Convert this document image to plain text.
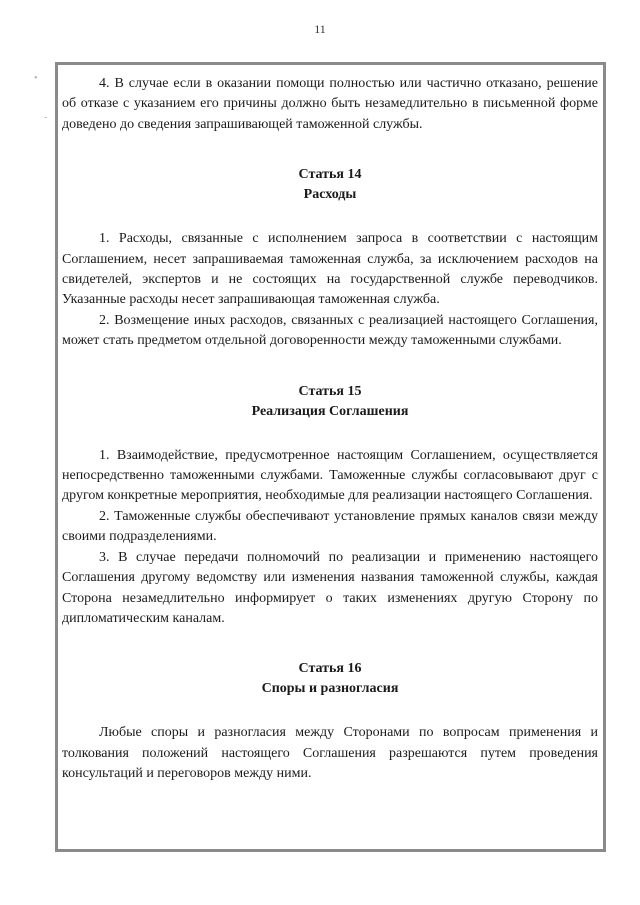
11
•
-

4. В случае если в оказании помощи полностью или частично отказано, решение об отказе с указанием его причины должно быть незамедлительно в письменной форме доведено до сведения запрашивающей таможенной службы.

Статья 14

Расходы

1. Расходы, связанные с исполнением запроса в соответствии с настоящим Соглашением, несет запрашиваемая таможенная служба, за исключением расходов на свидетелей, экспертов и не состоящих на государственной службе переводчиков. Указанные расходы несет запрашивающая таможенная служба.

2. Возмещение иных расходов, связанных с реализацией настоящего Соглашения, может стать предметом отдельной договоренности между таможенными службами.

Статья 15

Реализация Соглашения

1. Взаимодействие, предусмотренное настоящим Соглашением, осуществляется непосредственно таможенными службами. Таможенные службы согласовывают друг с другом конкретные мероприятия, необходимые для реализации настоящего Соглашения.

2. Таможенные службы обеспечивают установление прямых каналов связи между своими подразделениями.

3. В случае передачи полномочий по реализации и применению настоящего Соглашения другому ведомству или изменения названия таможенной службы, каждая Сторона незамедлительно информирует о таких изменениях другую Сторону по дипломатическим каналам.

Статья 16

Споры и разногласия

Любые споры и разногласия между Сторонами по вопросам применения и толкования положений настоящего Соглашения разрешаются путем проведения консультаций и переговоров между ними.
